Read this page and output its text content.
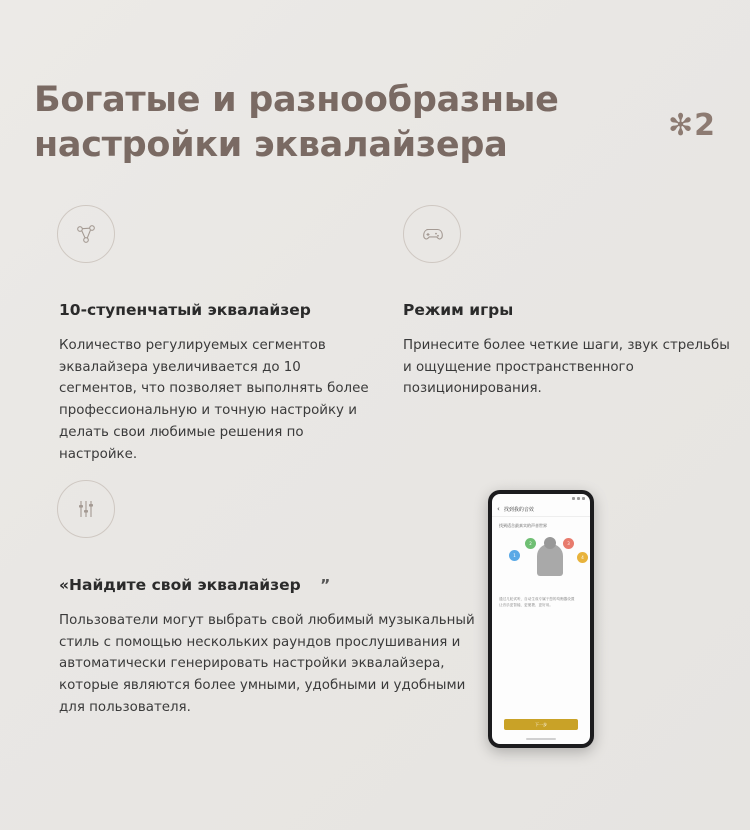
Богатые и разнообразные
настройки эквалайзера	✻2
10-ступенчатый эквалайзер

Количество регулируемых сегментов эквалайзера увеличивается до 10 сегментов, что позволяет выполнять более профессиональную и точную настройку и делать свои любимые решения по настройке.

Режим игры

Принесите более четкие шаги, звук стрельбы и ощущение пространственного позиционирования.

«Найдите свой эквалайзер ”

Пользователи могут выбрать свой любимый музыкальный стиль с помощью нескольких раундов прослушивания и автоматически генерировать настройки эквалайзера, которые являются более умными, удобными и удобными для пользователя.

‹ 找到我的音效
找到适合最真实的声音世界
1
2	3
4
通过几轮试听，自动生成专属于您的均衡器设置
让音乐更智能、更便捷、更好用。
下一步
